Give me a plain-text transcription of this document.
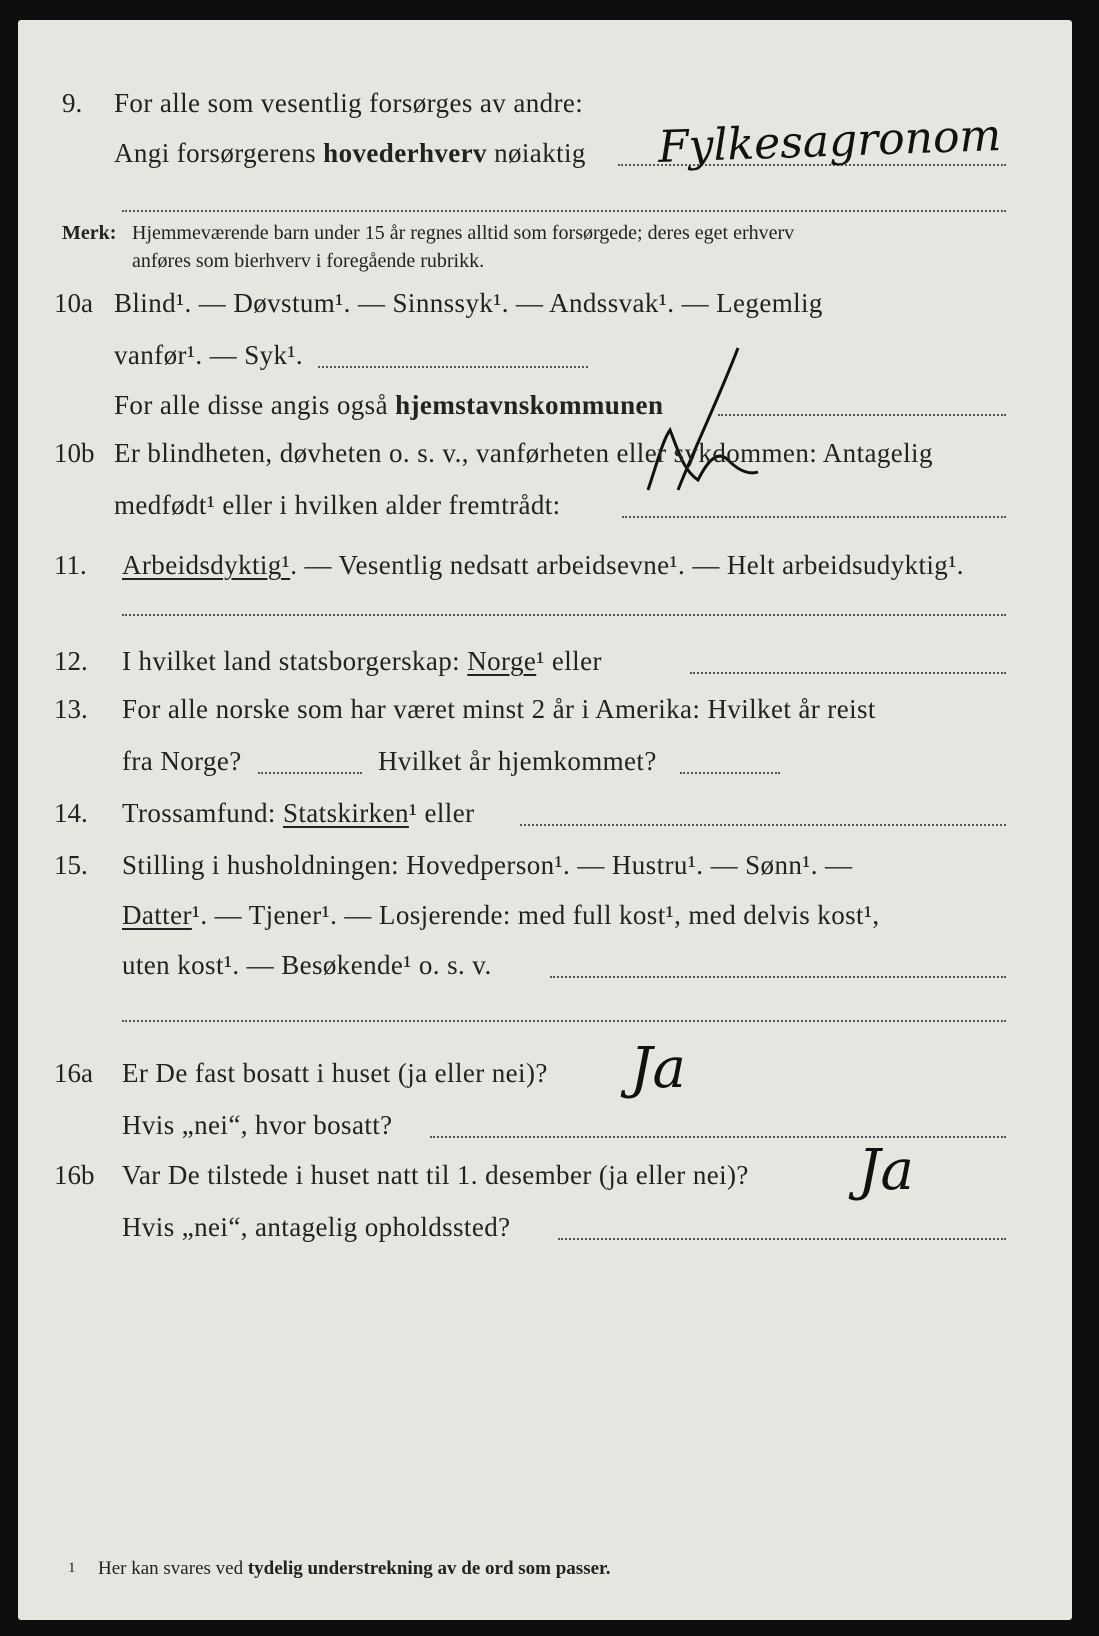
9. For alle som vesentlig forsørges av andre:
Angi forsørgerens hovederhverv nøiaktig Fylkesagronom
Merk: Hjemmeværende barn under 15 år regnes alltid som forsørgede; deres eget erhverv
anføres som bierhverv i foregående rubrikk.
10a Blind¹. — Døvstum¹. — Sinnssyk¹. — Andssvak¹. — Legemlig
vanfør¹. — Syk¹.
For alle disse angis også hjemstavnskommunen
10b Er blindheten, døvheten o. s. v., vanførheten eller sykdommen: Antagelig
medfødt¹ eller i hvilken alder fremtrådt:
11. Arbeidsdyktig¹. — Vesentlig nedsatt arbeidsevne¹. — Helt arbeidsudyktig¹.
12. I hvilket land statsborgerskap: Norge¹ eller
13. For alle norske som har været minst 2 år i Amerika: Hvilket år reist
fra Norge?	Hvilket år hjemkommet?
14. Trossamfund: Statskirken¹ eller
15. Stilling i husholdningen: Hovedperson¹. — Hustru¹. — Sønn¹. —
Datter¹. — Tjener¹. — Losjerende: med full kost¹, med delvis kost¹,
uten kost¹. — Besøkende¹ o. s. v.
16a Er De fast bosatt i huset (ja eller nei)? Ja
Hvis „nei“, hvor bosatt?
16b Var De tilstede i huset natt til 1. desember (ja eller nei)? Ja
Hvis „nei“, antagelig opholdssted?
1 Her kan svares ved tydelig understrekning av de ord som passer.
